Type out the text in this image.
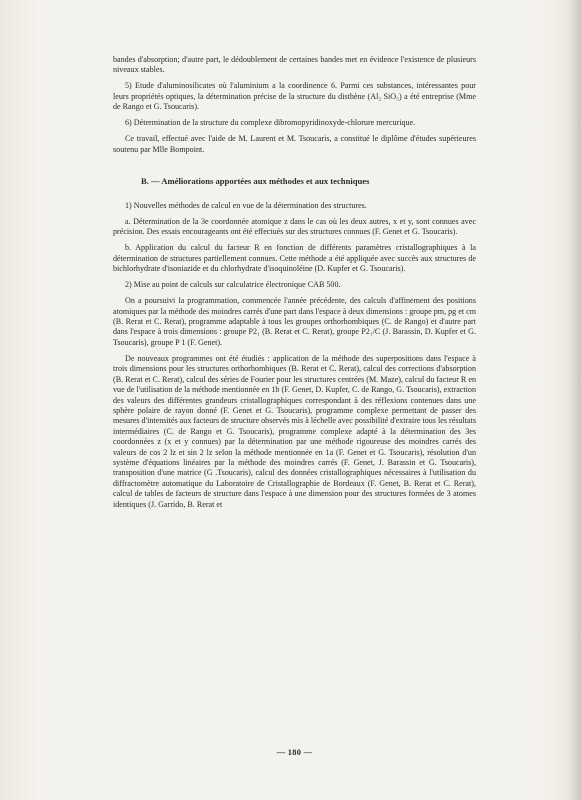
bandes d'absorption; d'autre part, le dédoublement de certaines bandes met en évidence l'existence de plusieurs niveaux stables.

5) Etude d'aluminosilicates où l'aluminium a la coordinence 6. Parmi ces substances, intéressantes pour leurs propriétés optiques, la détermination précise de la structure du disthène (Al₂ SiO₅) a été entreprise (Mme de Rango et G. Tsoucaris).

6) Détermination de la structure du complexe dibromopyridinoxyde-chlorure mercurique.

Ce travail, effectué avec l'aide de M. Laurent et M. Tsoucaris, a constitué le diplôme d'études supérieures soutenu par Mlle Bompoint.

B. — Améliorations apportées aux méthodes et aux techniques

1) Nouvelles méthodes de calcul en vue de la détermination des structures.

a. Détermination de la 3e coordonnée atomique z dans le cas où les deux autres, x et y, sont connues avec précision. Des essais encourageants ont été effectués sur des structures connues (F. Genet et G. Tsoucaris).

b. Application du calcul du facteur R en fonction de différents paramètres cristallographiques à la détermination de structures partiellement connues. Cette méthode a été appliquée avec succès aux structures de bichlorhydrate d'isoniazide et du chlorhydrate d'isoquinoléine (D. Kupfer et G. Tsoucaris).

2) Mise au point de calculs sur calculatrice électronique CAB 500.

On a poursuivi la programmation, commencée l'année précédente, des calculs d'affinement des positions atomiques par la méthode des moindres carrés d'une part dans l'espace à deux dimensions : groupe pm, pg et cm (B. Rerat et C. Rerat), programme adaptable à tous les groupes orthorhombiques (C. de Rango) et d'autre part dans l'espace à trois dimensions : groupe P2₁ (B. Rerat et C. Rerat), groupe P2₁/C (J. Barassin, D. Kupfer et G. Tsoucaris), groupe P 1 (F. Genet).

De nouveaux programmes ont été étudiés : application de la méthode des superpositions dans l'espace à trois dimensions pour les structures orthorhombiques (B. Rerat et C. Rerat), calcul des corrections d'absorption (B. Rerat et C. Rerat), calcul des séries de Fourier pour les structures centrées (M. Maze), calcul du facteur R en vue de l'utilisation de la méthode mentionnée en 1b (F. Genet, D. Kupfer, C. de Rango, G. Tsoucaris), extraction des valeurs des différentes grandeurs cristallographiques correspondant à des réflexions contenues dans une sphère polaire de rayon donné (F. Genet et G. Tsoucaris), programme complexe permettant de passer des mesures d'intensités aux facteurs de structure observés mis à léchelle avec possibilité d'extraire tous les résultats intermédiaires (C. de Rango et G. Tsoucaris), programme complexe adapté à la détermination des 3es coordonnées z (x et y connues) par la détermination par une méthode rigoureuse des moindres carrés des valeurs de cos 2 lz et sin 2 lz selon la méthode mentionnée en 1a (F. Genet et G. Tsoucaris), résolution d'un système d'équations linéaires par la méthode des moindres carrés (F. Genet, J. Barassin et G. Tsoucaris), transposition d'une matrice (G .Tsoucaris), calcul des données cristallographiques nécessaires à l'utilisation du diffractomètre automatique du Laboratoire de Cristallographie de Bordeaux (F. Genet, B. Rerat et C. Rerat), calcul de tables de facteurs de structure dans l'espace à une dimension pour des structures formées de 3 atomes identiques (J. Garrido, B. Rerat et

— 180 —
